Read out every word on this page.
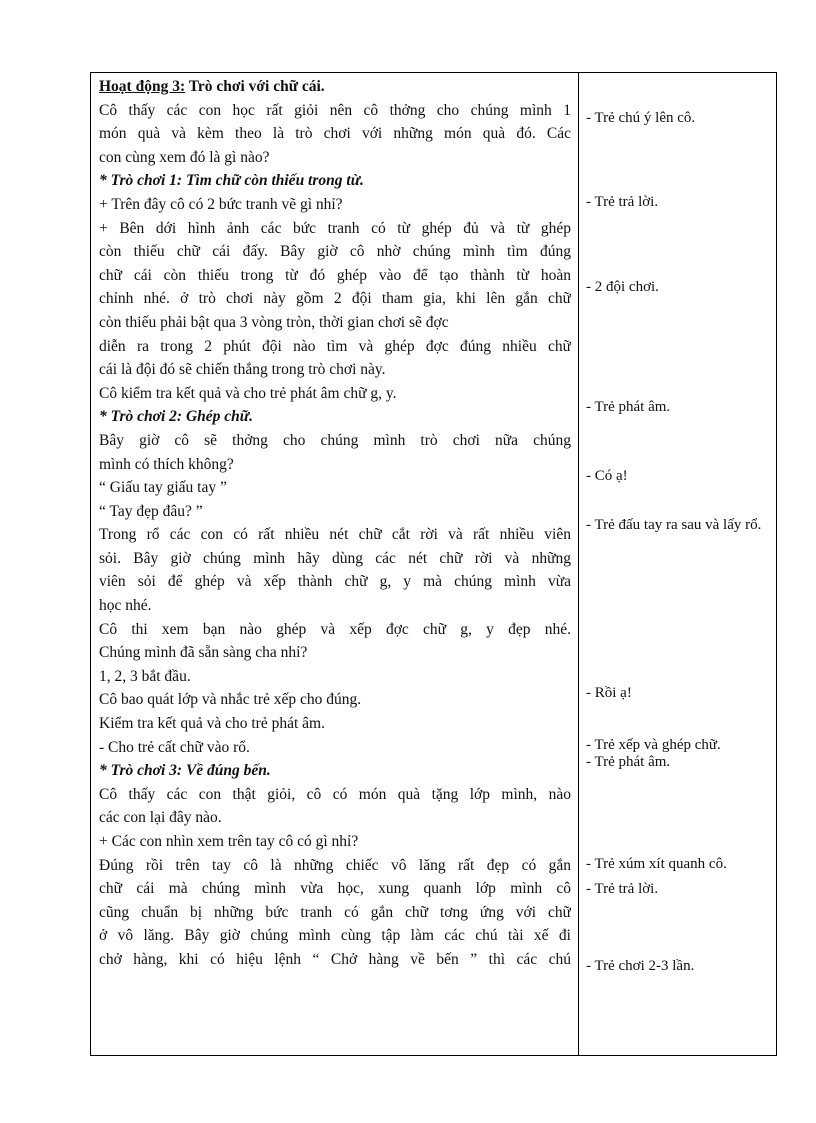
Hoạt động 3: Trò chơi với chữ cái.
Cô thấy các con học rất giỏi nên cô thởng cho chúng mình 1
món quà và kèm theo là trò chơi với những món quà đó. Các
con cùng xem đó là gì nào?
* Trò chơi 1: Tìm chữ còn thiếu trong từ.
+ Trên đây cô có 2 bức tranh vẽ gì nhỉ?
+ Bên dới hình ảnh các bức tranh có từ ghép đủ và từ ghép
còn thiếu chữ cái đấy. Bây giờ cô nhờ chúng mình tìm đúng
chữ cái còn thiếu trong từ đó ghép vào để tạo thành từ hoàn
chỉnh nhé. ở trò chơi này gồm 2 đội tham gia, khi lên gắn chữ
còn thiếu phải bật qua 3 vòng tròn, thời gian chơi sẽ đợc
diễn ra trong 2 phút đội nào tìm và ghép đợc đúng nhiều chữ
cái là đội đó sẽ chiến thắng trong trò chơi này.
Cô kiểm tra kết quả và cho trẻ phát âm chữ g, y.
* Trò chơi 2: Ghép chữ.
Bây giờ cô sẽ thởng cho chúng mình trò chơi nữa chúng
mình có thích không?
“ Giấu tay giấu tay ”
“ Tay đẹp đâu? ”
Trong rổ các con có rất nhiều nét chữ cắt rời và rất nhiều viên
sỏi. Bây giờ chúng mình hãy dùng các nét chữ rời và những
viên sỏi để ghép và xếp thành chữ g, y mà chúng mình vừa
học nhé.
Cô thi xem bạn nào ghép và xếp đợc chữ g, y đẹp nhé.
Chúng mình đã sẵn sàng cha nhỉ?
1, 2, 3 bắt đầu.
Cô bao quát lớp và nhắc trẻ xếp cho đúng.
Kiểm tra kết quả và cho trẻ phát âm.
- Cho trẻ cất chữ vào rổ.
* Trò chơi 3: Về đúng bến.
Cô thấy các con thật giỏi, cô có món quà tặng lớp mình, nào
các con lại đây nào.
+ Các con nhìn xem trên tay cô có gì nhỉ?
Đúng rồi trên tay cô là những chiếc vô lăng rất đẹp có gắn
chữ cái mà chúng mình vừa học, xung quanh lớp mình cô
cũng chuẩn bị những bức tranh có gắn chữ tơng ứng với chữ
ở vô lăng. Bây giờ chúng mình cùng tập làm các chú tài xế đi
chở hàng, khi có hiệu lệnh “ Chở hàng về bến ” thì các chú
- Trẻ chú ý lên cô.
- Trẻ trả lời.
- 2 đội chơi.
- Trẻ phát âm.
- Có ạ!
- Trẻ đấu tay ra sau và lấy rổ.
- Rồi ạ!
- Trẻ xếp và ghép chữ.
- Trẻ phát âm.
- Trẻ xúm xít quanh cô.
- Trẻ trả lời.
- Trẻ chơi 2-3 lần.
